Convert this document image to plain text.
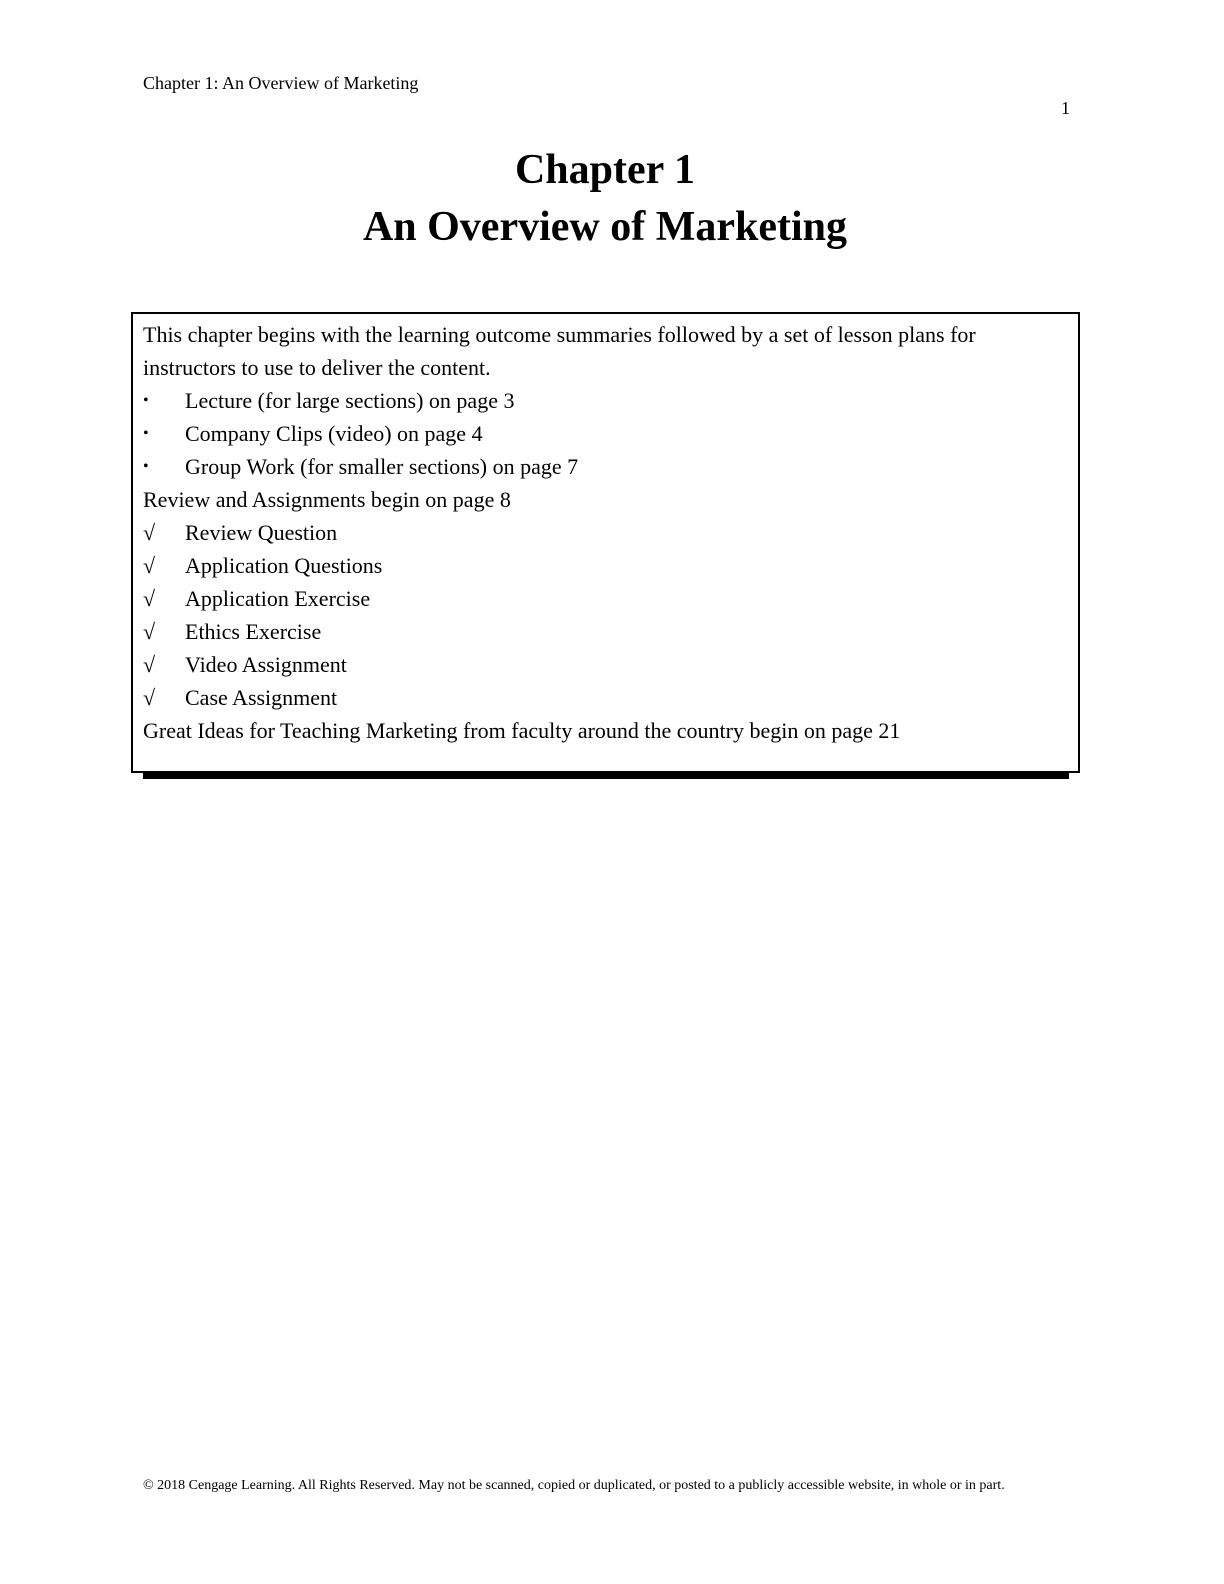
Chapter 1: An Overview of Marketing
1
Chapter 1
An Overview of Marketing
This chapter begins with the learning outcome summaries followed by a set of lesson plans for
instructors to use to deliver the content.
•	Lecture (for large sections) on page 3
•	Company Clips (video) on page 4
•	Group Work (for smaller sections) on page 7
Review and Assignments begin on page 8
√	Review Question
√	Application Questions
√	Application Exercise
√	Ethics Exercise
√	Video Assignment
√	Case Assignment
Great Ideas for Teaching Marketing from faculty around the country begin on page 21
© 2018 Cengage Learning. All Rights Reserved. May not be scanned, copied or duplicated, or posted to a publicly accessible website, in whole or in part.
